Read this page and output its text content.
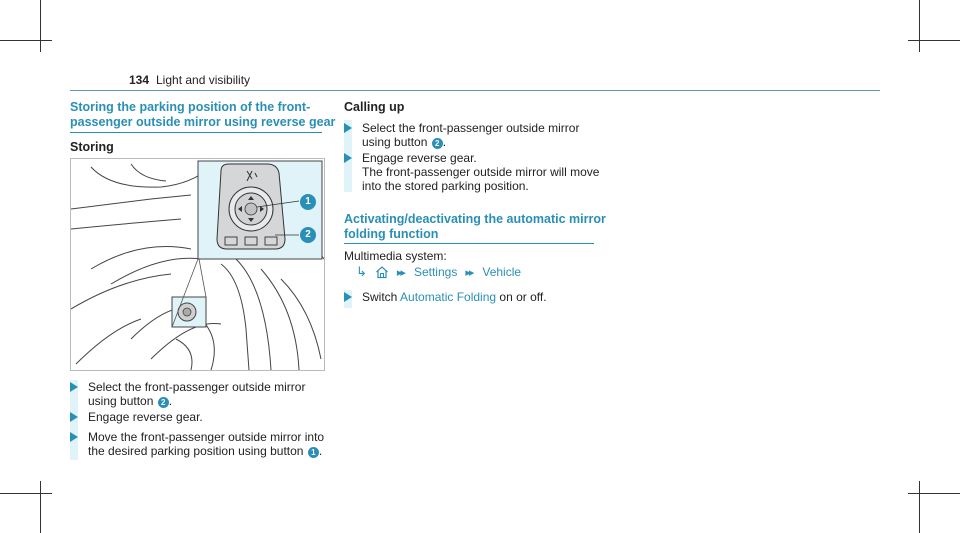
134 Light and visibility
Storing the parking position of the front-
passenger outside mirror using reverse gear
Storing
1
2
Select the front-passenger outside mirror
using button 2 .
Engage reverse gear.
Move the front-passenger outside mirror into
the desired parking position using button 1 .
Calling up
Select the front-passenger outside mirror
using button 2 .
Engage reverse gear.
The front-passenger outside mirror will move
into the stored parking position.
Activating/deactivating the automatic mirror
folding function
Multimedia system:
↳	▸▸ Settings ▸▸ Vehicle
Switch Automatic Folding on or off.
